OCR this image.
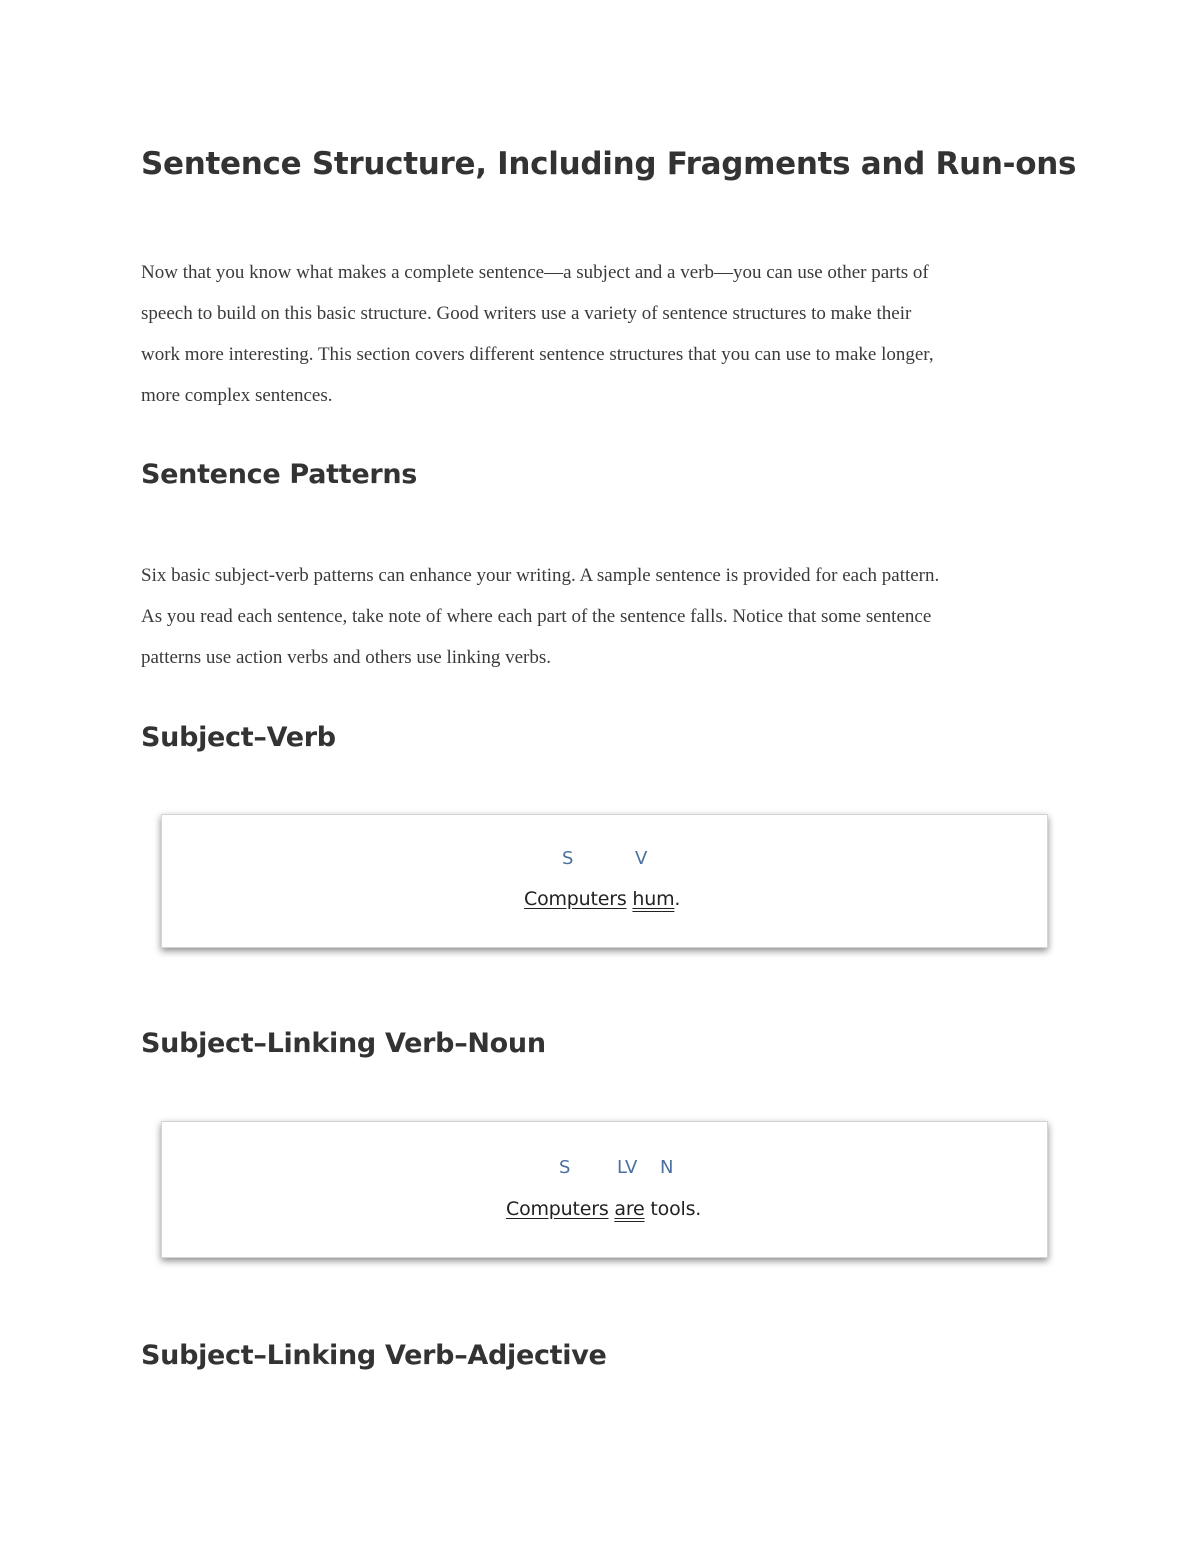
Sentence Structure, Including Fragments and Run-ons

Now that you know what makes a complete sentence—a subject and a verb—you can use other parts of
speech to build on this basic structure. Good writers use a variety of sentence structures to make their
work more interesting. This section covers different sentence structures that you can use to make longer,
more complex sentences.

Sentence Patterns

Six basic subject-verb patterns can enhance your writing. A sample sentence is provided for each pattern.
As you read each sentence, take note of where each part of the sentence falls. Notice that some sentence
patterns use action verbs and others use linking verbs.

Subject–Verb
S	V
Computers hum.
Subject–Linking Verb–Noun
S	LV N
Computers are tools.
Subject–Linking Verb–Adjective
